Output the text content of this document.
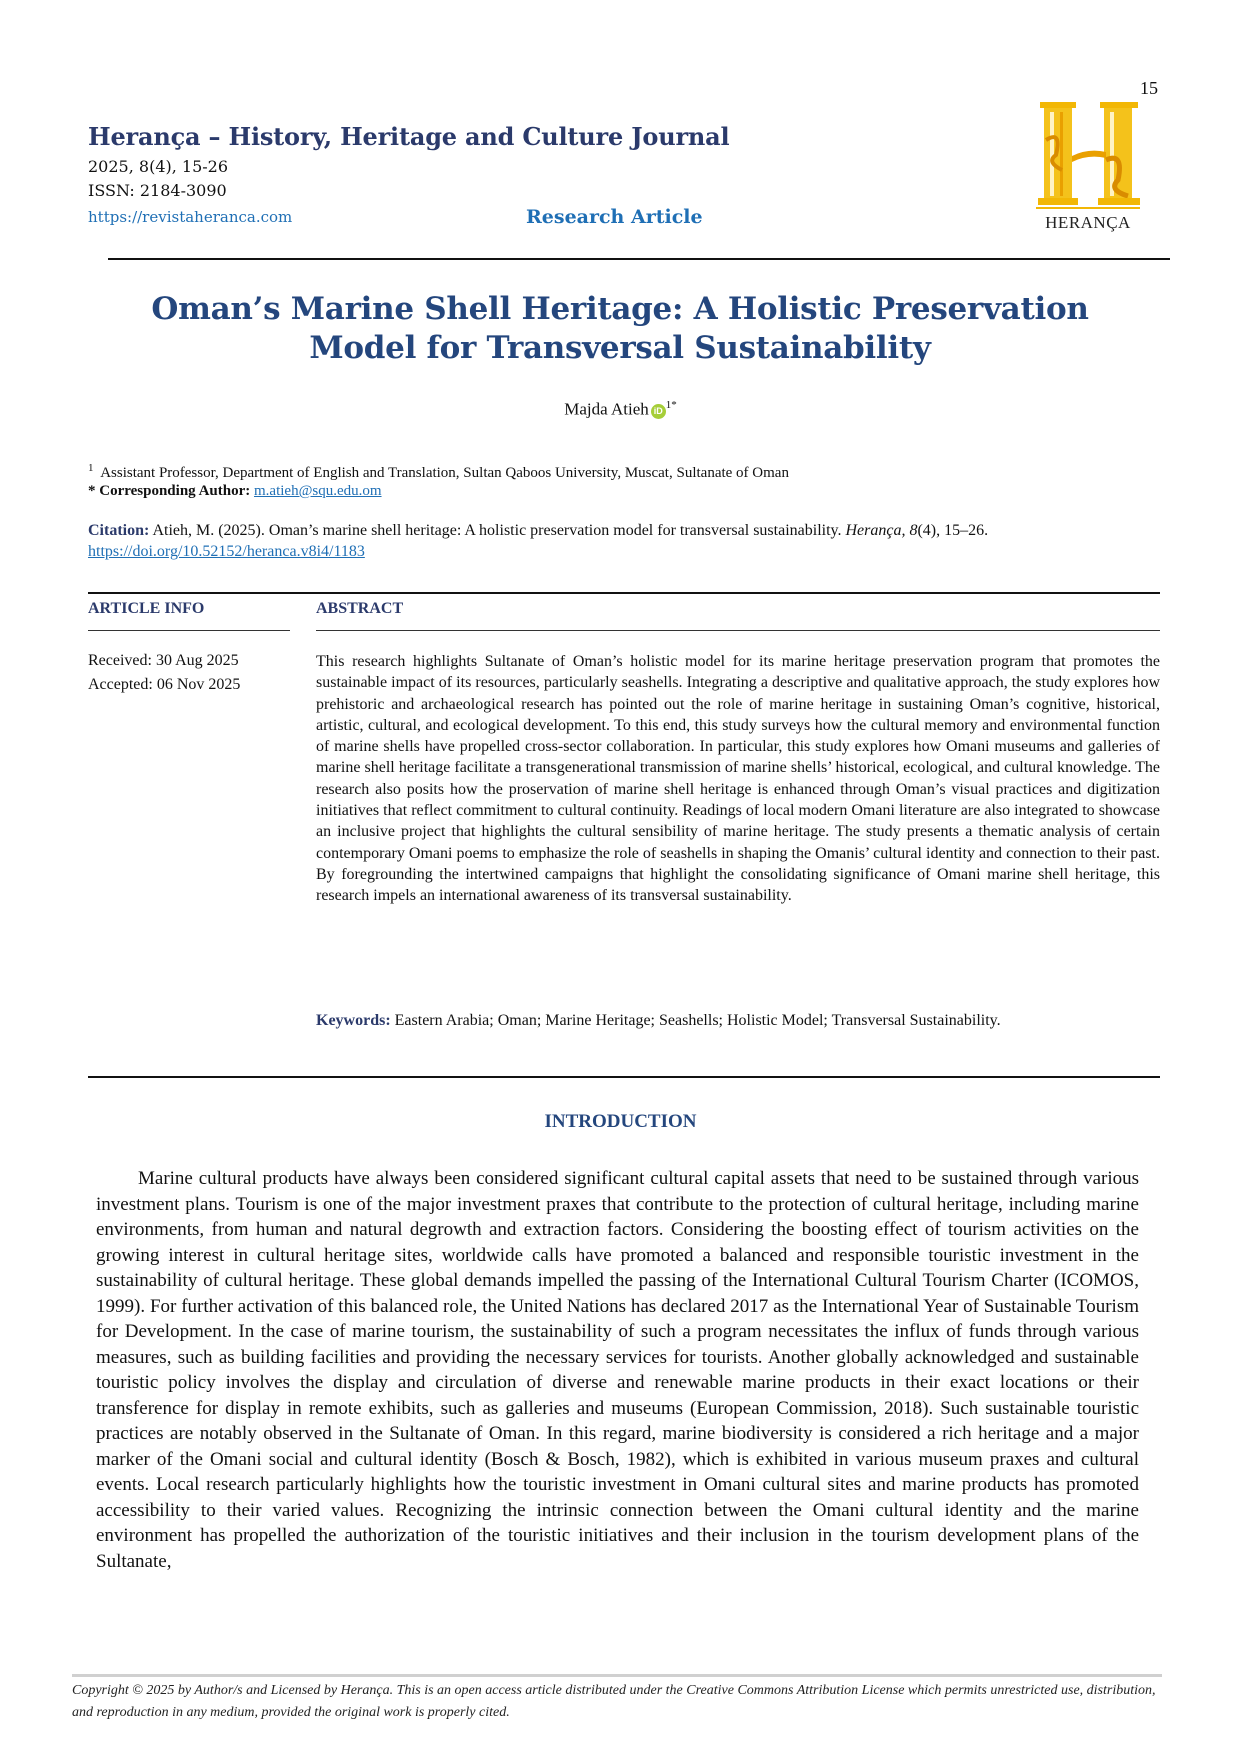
15
Herança – History, Heritage and Culture Journal
2025, 8(4), 15-26
ISSN: 2184-3090
https://revistaheranca.com	Research Article	HERANÇA
Oman’s Marine Shell Heritage: A Holistic Preservation Model for Transversal Sustainability
Majda Atieh iD $^{1*}$
$^1$ Assistant Professor, Department of English and Translation, Sultan Qaboos University, Muscat, Sultanate of Oman
* Corresponding Author: m.atieh@squ.edu.om
Citation: Atieh, M. (2025). Oman’s marine shell heritage: A holistic preservation model for transversal sustainability. Herança, 8(4), 15–26. https://doi.org/10.52152/heranca.v8i4/1183
ARTICLE INFO	ABSTRACT
Received: 30 Aug 2025
Accepted: 06 Nov 2025
This research highlights Sultanate of Oman’s holistic model for its marine heritage preservation program that promotes the sustainable impact of its resources, particularly seashells. Integrating a descriptive and qualitative approach, the study explores how prehistoric and archaeological research has pointed out the role of marine heritage in sustaining Oman’s cognitive, historical, artistic, cultural, and ecological development. To this end, this study surveys how the cultural memory and environmental function of marine shells have propelled cross-sector collaboration. In particular, this study explores how Omani museums and galleries of marine shell heritage facilitate a transgenerational transmission of marine shells’ historical, ecological, and cultural knowledge. The research also posits how the proservation of marine shell heritage is enhanced through Oman’s visual practices and digitization initiatives that reflect commitment to cultural continuity. Readings of local modern Omani literature are also integrated to showcase an inclusive project that highlights the cultural sensibility of marine heritage. The study presents a thematic analysis of certain contemporary Omani poems to emphasize the role of seashells in shaping the Omanis’ cultural identity and connection to their past. By foregrounding the intertwined campaigns that highlight the consolidating significance of Omani marine shell heritage, this research impels an international awareness of its transversal sustainability.
Keywords: Eastern Arabia; Oman; Marine Heritage; Seashells; Holistic Model; Transversal Sustainability.
INTRODUCTION
Marine cultural products have always been considered significant cultural capital assets that need to be sustained through various investment plans. Tourism is one of the major investment praxes that contribute to the protection of cultural heritage, including marine environments, from human and natural degrowth and extraction factors. Considering the boosting effect of tourism activities on the growing interest in cultural heritage sites, worldwide calls have promoted a balanced and responsible touristic investment in the sustainability of cultural heritage. These global demands impelled the passing of the International Cultural Tourism Charter (ICOMOS, 1999). For further activation of this balanced role, the United Nations has declared 2017 as the International Year of Sustainable Tourism for Development. In the case of marine tourism, the sustainability of such a program necessitates the influx of funds through various measures, such as building facilities and providing the necessary services for tourists. Another globally acknowledged and sustainable touristic policy involves the display and circulation of diverse and renewable marine products in their exact locations or their transference for display in remote exhibits, such as galleries and museums (European Commission, 2018). Such sustainable touristic practices are notably observed in the Sultanate of Oman. In this regard, marine biodiversity is considered a rich heritage and a major marker of the Omani social and cultural identity (Bosch & Bosch, 1982), which is exhibited in various museum praxes and cultural events. Local research particularly highlights how the touristic investment in Omani cultural sites and marine products has promoted accessibility to their varied values. Recognizing the intrinsic connection between the Omani cultural identity and the marine environment has propelled the authorization of the touristic initiatives and their inclusion in the tourism development plans of the Sultanate,
Copyright © 2025 by Author/s and Licensed by Herança. This is an open access article distributed under the Creative Commons Attribution License which permits unrestricted use, distribution, and reproduction in any medium, provided the original work is properly cited.
